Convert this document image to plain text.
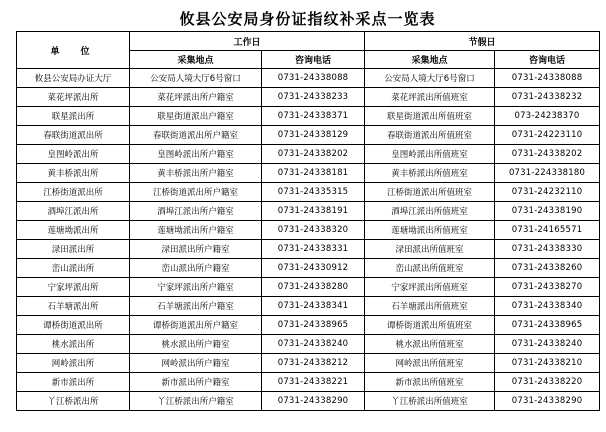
攸县公安局身份证指纹补采点一览表
单　位	工作日		节假日	
	采集地点	咨询电话	采集地点	咨询电话
攸县公安局办证大厅	公安局人境大厅6号窗口	0731-24338088	公安局人境大厅6号窗口	0731-24338088
菜花坪派出所	菜花坪派出所户籍室	0731-24338233	菜花坪派出所值班室	0731-24338232
联星派出所	联星街道派出户籍室	0731-24338371	联星街道派出所值班室	073-24238370
春联街道派出所	春联街道派出所户籍室	0731-24338129	春联街道派出所值班室	0731-24223110
皇图岭派出所	皇图岭派出所户籍室	0731-24338202	皇图岭派出所值班室	0731-24338202
黄丰桥派出所	黄丰桥派出所户籍室	0731-24338181	黄丰桥派出所值班室	0731-224338180
江桥街道派出所	江桥街道派出所户籍室	0731-24335315	江桥街道派出所值班室	0731-24232110
酒埠江派出所	酒埠江派出所户籍室	0731-24338191	酒埠江派出所值班室	0731-24338190
莲塘坳派出所	莲塘坳派出所户籍室	0731-24338320	莲塘坳派出所值班室	0731-24165571
渌田派出所	渌田派出所户籍室	0731-24338331	渌田派出所值班室	0731-24338330
峦山派出所	峦山派出所户籍室	0731-24330912	峦山派出所值班室	0731-24338260
宁家坪派出所	宁家坪派出所户籍室	0731-24338280	宁家坪派出所值班室	0731-24338270
石羊塘派出所	石羊塘派出所户籍室	0731-24338341	石羊塘派出所值班室	0731-24338340
谭桥街道派出所	谭桥街道派出所户籍室	0731-24338965	谭桥街道派出所值班室	0731-24338965
桃水派出所	桃水派出所户籍室	0731-24338240	桃水派出所值班室	0731-24338240
网岭派出所	网岭派出所户籍室	0731-24338212	网岭派出所值班室	0731-24338210
新市派出所	新市派出所户籍室	0731-24338221	新市派出所值班室	0731-24338220
丫江桥派出所	丫江桥派出所户籍室	0731-24338290	丫江桥派出所值班室	0731-24338290
